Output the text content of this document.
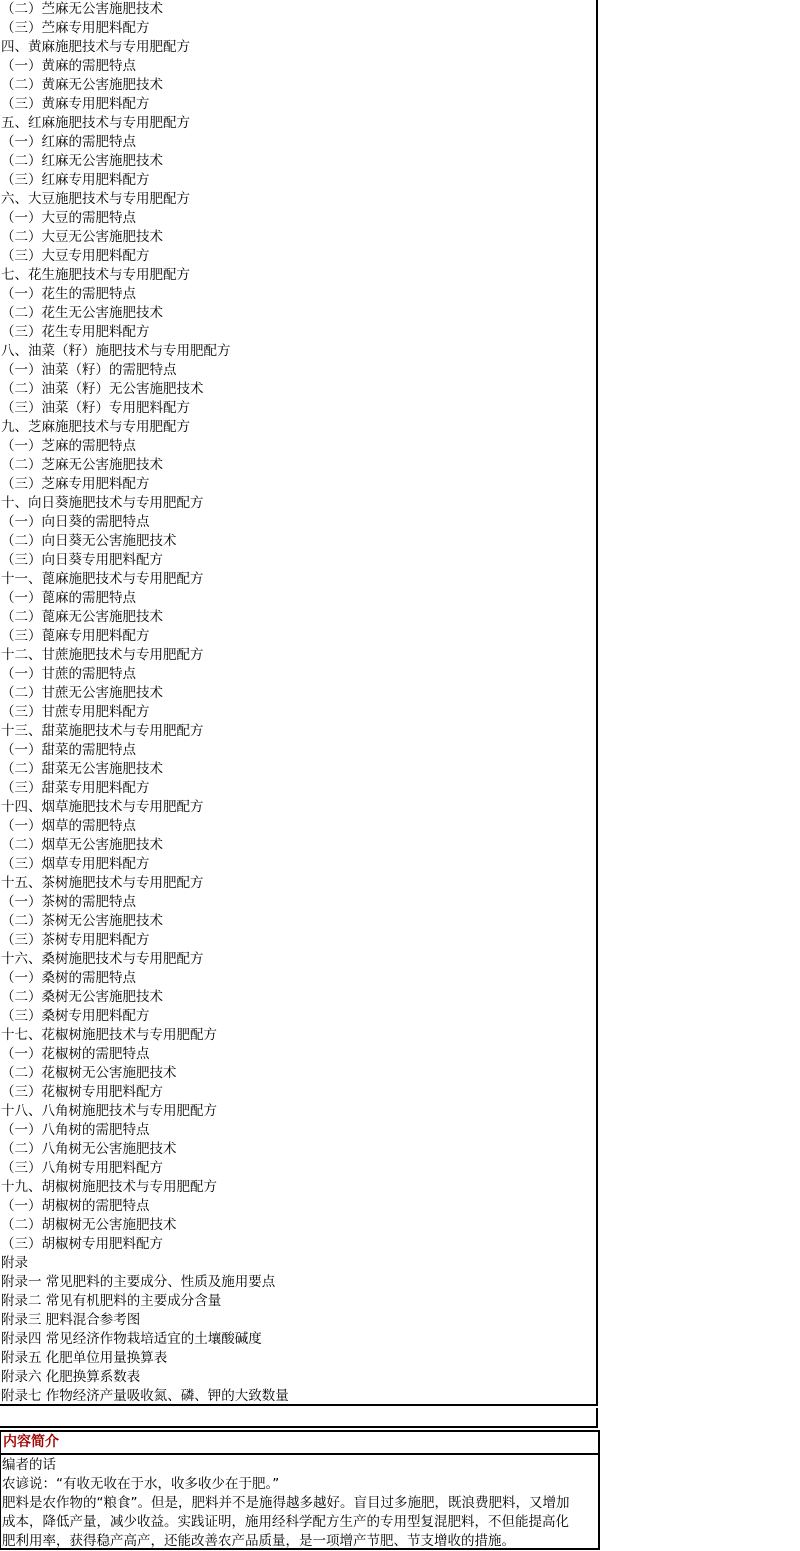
（二）苎麻无公害施肥技术
（三）苎麻专用肥料配方
四、黄麻施肥技术与专用肥配方
（一）黄麻的需肥特点
（二）黄麻无公害施肥技术
（三）黄麻专用肥料配方
五、红麻施肥技术与专用肥配方
（一）红麻的需肥特点
（二）红麻无公害施肥技术
（三）红麻专用肥料配方
六、大豆施肥技术与专用肥配方
（一）大豆的需肥特点
（二）大豆无公害施肥技术
（三）大豆专用肥料配方
七、花生施肥技术与专用肥配方
（一）花生的需肥特点
（二）花生无公害施肥技术
（三）花生专用肥料配方
八、油菜（籽）施肥技术与专用肥配方
（一）油菜（籽）的需肥特点
（二）油菜（籽）无公害施肥技术
（三）油菜（籽）专用肥料配方
九、芝麻施肥技术与专用肥配方
（一）芝麻的需肥特点
（二）芝麻无公害施肥技术
（三）芝麻专用肥料配方
十、向日葵施肥技术与专用肥配方
（一）向日葵的需肥特点
（二）向日葵无公害施肥技术
（三）向日葵专用肥料配方
十一、蓖麻施肥技术与专用肥配方
（一）蓖麻的需肥特点
（二）蓖麻无公害施肥技术
（三）蓖麻专用肥料配方
十二、甘蔗施肥技术与专用肥配方
（一）甘蔗的需肥特点
（二）甘蔗无公害施肥技术
（三）甘蔗专用肥料配方
十三、甜菜施肥技术与专用肥配方
（一）甜菜的需肥特点
（二）甜菜无公害施肥技术
（三）甜菜专用肥料配方
十四、烟草施肥技术与专用肥配方
（一）烟草的需肥特点
（二）烟草无公害施肥技术
（三）烟草专用肥料配方
十五、茶树施肥技术与专用肥配方
（一）茶树的需肥特点
（二）茶树无公害施肥技术
（三）茶树专用肥料配方
十六、桑树施肥技术与专用肥配方
（一）桑树的需肥特点
（二）桑树无公害施肥技术
（三）桑树专用肥料配方
十七、花椒树施肥技术与专用肥配方
（一）花椒树的需肥特点
（二）花椒树无公害施肥技术
（三）花椒树专用肥料配方
十八、八角树施肥技术与专用肥配方
（一）八角树的需肥特点
（二）八角树无公害施肥技术
（三）八角树专用肥料配方
十九、胡椒树施肥技术与专用肥配方
（一）胡椒树的需肥特点
（二）胡椒树无公害施肥技术
（三）胡椒树专用肥料配方
附录
附录一 常见肥料的主要成分、性质及施用要点
附录二 常见有机肥料的主要成分含量
附录三 肥料混合参考图
附录四 常见经济作物栽培适宜的土壤酸碱度
附录五 化肥单位用量换算表
附录六 化肥换算系数表
附录七 作物经济产量吸收氮、磷、钾的大致数量
内容简介
编者的话
农谚说：“有收无收在于水，收多收少在于肥。”
肥料是农作物的“粮食”。但是，肥料并不是施得越多越好。盲目过多施肥，既浪费肥料，又增加
成本，降低产量，减少收益。实践证明，施用经科学配方生产的专用型复混肥料，不但能提高化
肥利用率，获得稳产高产，还能改善农产品质量，是一项增产节肥、节支增收的措施。
